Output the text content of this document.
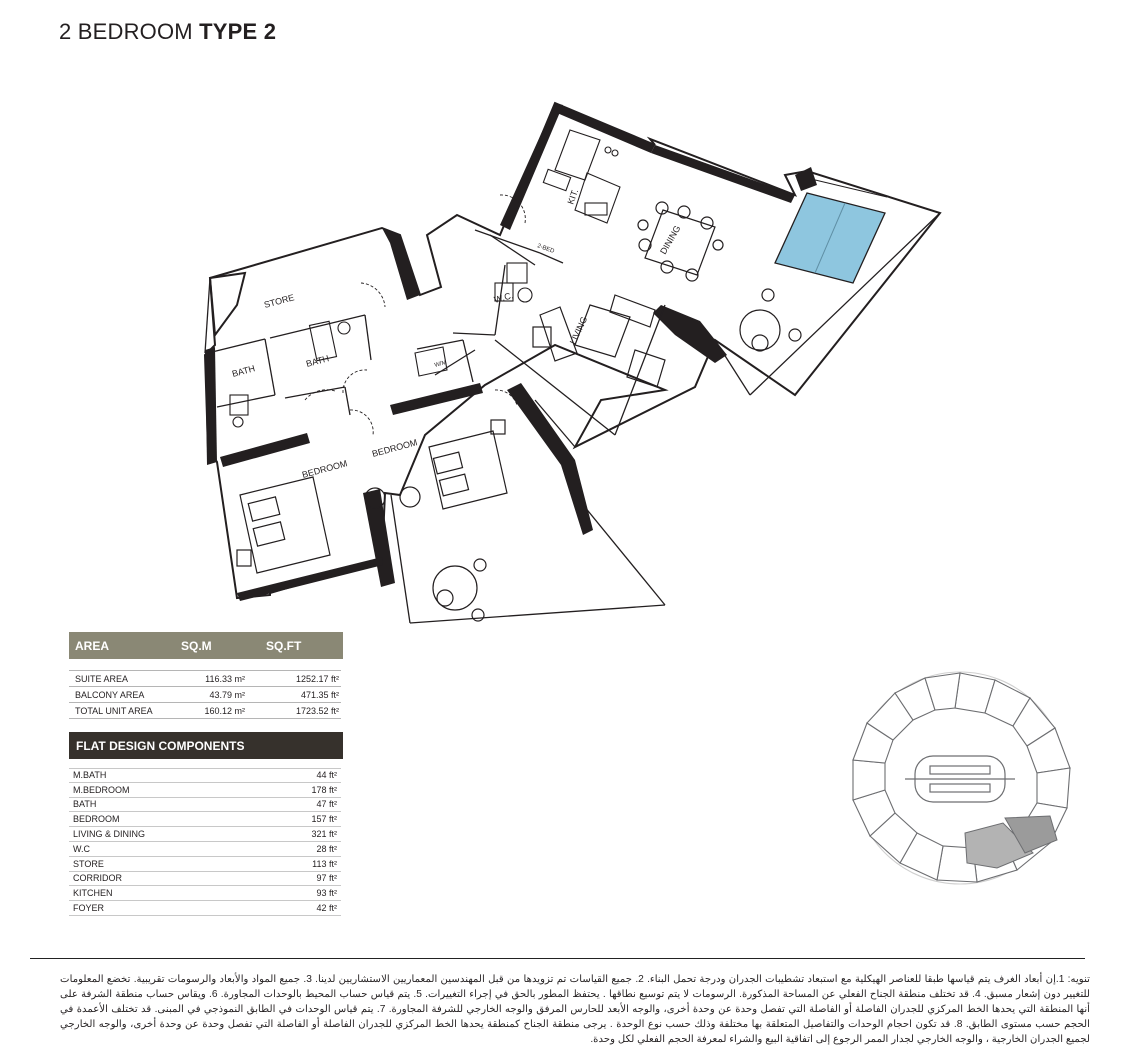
2 BEDROOM TYPE 2
STORE
BATH
BATH
BEDROOM
BEDROOM
W.C.
KIT.
DINING
LIVING
2-BED
W/M
AREA	SQ.M	SQ.FT
SUITE AREA	116.33 m²	1252.17 ft²
BALCONY AREA	43.79 m²	471.35 ft²
TOTAL UNIT AREA	160.12 m²	1723.52 ft²
FLAT DESIGN COMPONENTS
M.BATH	44 ft²
M.BEDROOM	178 ft²
BATH	47 ft²
BEDROOM	157 ft²
LIVING & DINING	321 ft²
W.C	28 ft²
STORE	113 ft²
CORRIDOR	97 ft²
KITCHEN	93 ft²
FOYER	42 ft²
تنويه: 1.إن أبعاد الغرف يتم قياسها طبقا للعناصر الهيكلية مع استبعاد تشطيبات الجدران ودرجة تحمل البناء. 2. جميع القياسات تم تزويدها من قبل المهندسين المعماريين الاستشاريين لدينا. 3. جميع المواد والأبعاد والرسومات تقريبية. تخضع المعلومات للتغيير دون إشعار مسبق. 4. قد تختلف منطقة الجناح الفعلي عن المساحة المذكورة. الرسومات لا يتم توسيع نطاقها . يحتفظ المطور بالحق في إجراء التغييرات. 5. يتم قياس حساب المحيط بالوحدات المجاورة. 6. ويقاس حساب منطقة الشرفة على أنها المنطقة التي يحدها الخط المركزي للجدران الفاصلة أو الفاصلة التي تفصل وحدة عن وحدة أخرى، والوجه الأبعد للحارس المرفق والوجه الخارجي للشرفة المجاورة. 7. يتم قياس الوحدات في الطابق النموذجي في المبنى. قد تختلف الأعمدة في الحجم حسب مستوى الطابق. 8. قد تكون احجام الوحدات والتفاصيل المتعلقة بها مختلفة وذلك حسب نوع الوحدة . يرجى منطقة الجناح كمنطقة يحدها الخط المركزي للجدران الفاصلة أو الفاصلة التي تفصل وحدة عن وحدة أخرى، والوجه الخارجي لجميع الجدران الخارجية ، والوجه الخارجي لجدار الممر الرجوع إلى اتفاقية البيع والشراء لمعرفة الحجم الفعلي لكل وحدة.
